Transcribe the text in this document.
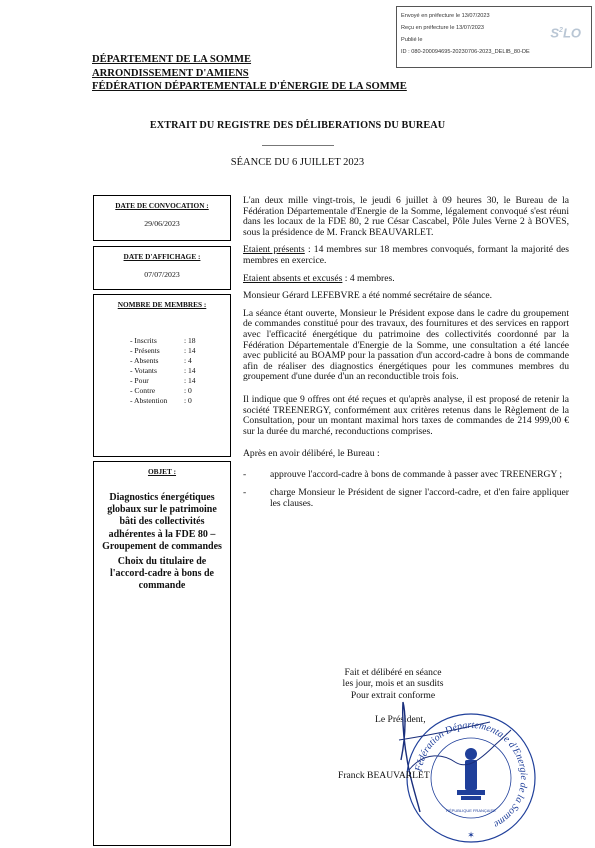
Envoyé en préfecture le 13/07/2023
Reçu en préfecture le 13/07/2023
Publié le
ID : 080-200094695-20230706-2023_DELIB_80-DE
$S^2LO$
DÉPARTEMENT DE LA SOMME
ARRONDISSEMENT D'AMIENS
FÉDÉRATION DÉPARTEMENTALE D'ÉNERGIE DE LA SOMME
EXTRAIT DU REGISTRE DES DÉLIBERATIONS DU BUREAU
SÉANCE DU 6 JUILLET 2023
DATE DE CONVOCATION :
29/06/2023
DATE D'AFFICHAGE :
07/07/2023
NOMBRE DE MEMBRES :
- Inscrits	: 18
- Présents	: 14
- Absents	: 4
- Votants	: 14
- Pour	: 14
- Contre	: 0
- Abstention : 0
OBJET :

Diagnostics énergétiques globaux sur le patrimoine bâti des collectivités adhérentes à la FDE 80 – Groupement de commandes

Choix du titulaire de l'accord-cadre à bons de commande

L'an deux mille vingt-trois, le jeudi 6 juillet à 09 heures 30, le Bureau de la Fédération Départementale d'Energie de la Somme, légalement convoqué s'est réuni dans les locaux de la FDE 80, 2 rue César Cascabel, Pôle Jules Verne 2 à BOVES, sous la présidence de M. Franck BEAUVARLET.

Etaient présents : 14 membres sur 18 membres convoqués, formant la majorité des membres en exercice.

Etaient absents et excusés : 4 membres.

Monsieur Gérard LEFEBVRE a été nommé secrétaire de séance.

La séance étant ouverte, Monsieur le Président expose dans le cadre du groupement de commandes constitué pour des travaux, des fournitures et des services en rapport avec l'efficacité énergétique du patrimoine des collectivités coordonné par la Fédération Départementale d'Energie de la Somme, une consultation a été lancée avec publicité au BOAMP pour la passation d'un accord-cadre à bons de commande afin de réaliser des diagnostics énergétiques pour les communes membres du groupement d'une durée d'un an reconductible trois fois.

Il indique que 9 offres ont été reçues et qu'après analyse, il est proposé de retenir la société TREENERGY, conformément aux critères retenus dans le Règlement de la Consultation, pour un montant maximal hors taxes de commandes de 214 999,00 € sur la durée du marché, reconductions comprises.

Après en avoir délibéré, le Bureau :

-	approuve l'accord-cadre à bons de commande à passer avec TREENERGY ;
-	charge Monsieur le Président de signer l'accord-cadre, et d'en faire appliquer les clauses.
Fait et délibéré en séance
les jour, mois et an susdits
Pour extrait conforme
Le Président,
Fédération Départementale d'Energie de la Somme
RÉPUBLIQUE FRANÇAISE
✶
Franck BEAUVARLET
